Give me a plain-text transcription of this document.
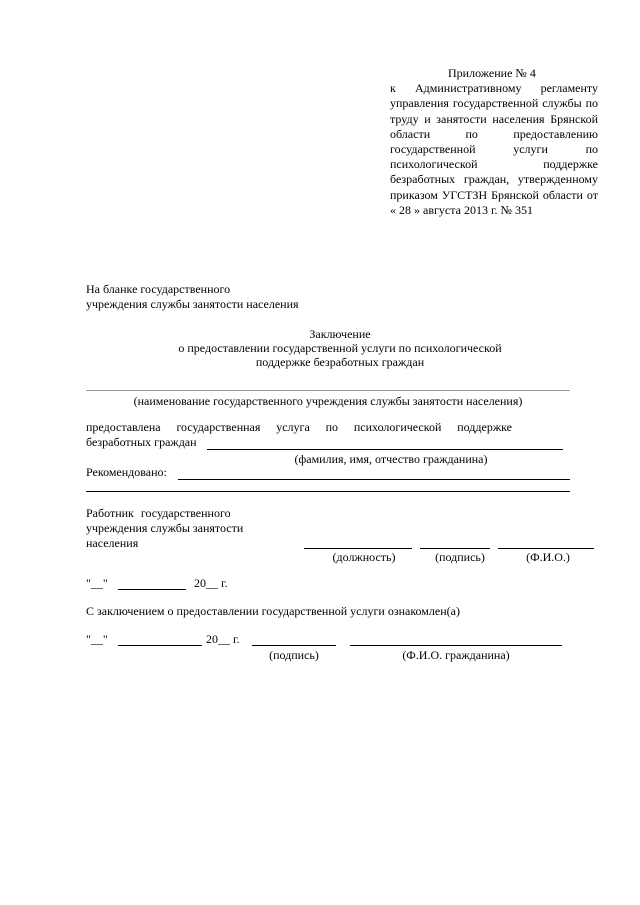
Приложение № 4
к Административному регламенту управления государственной службы по труду и занятости населения Брянской области по предоставлению государственной услуги по психологической поддержке безработных граждан, утвержденному приказом УГСТЗН Брянской области от « 28 » августа 2013 г. № 351
На бланке государственного
учреждения службы занятости населения
Заключение
о предоставлении государственной услуги по психологической
поддержке безработных граждан
(наименование государственного учреждения службы занятости населения)
предоставлена государственная услуга по психологической поддержке
безработных граждан
(фамилия, имя, отчество гражданина)
Рекомендовано:
Работник государственного
учреждения службы занятости
населения
(должность)	(подпись)	(Ф.И.О.)
"__"	20__ г.
С заключением о предоставлении государственной услуги ознакомлен(а)
"__"	20__ г.
(подпись)	(Ф.И.О. гражданина)
